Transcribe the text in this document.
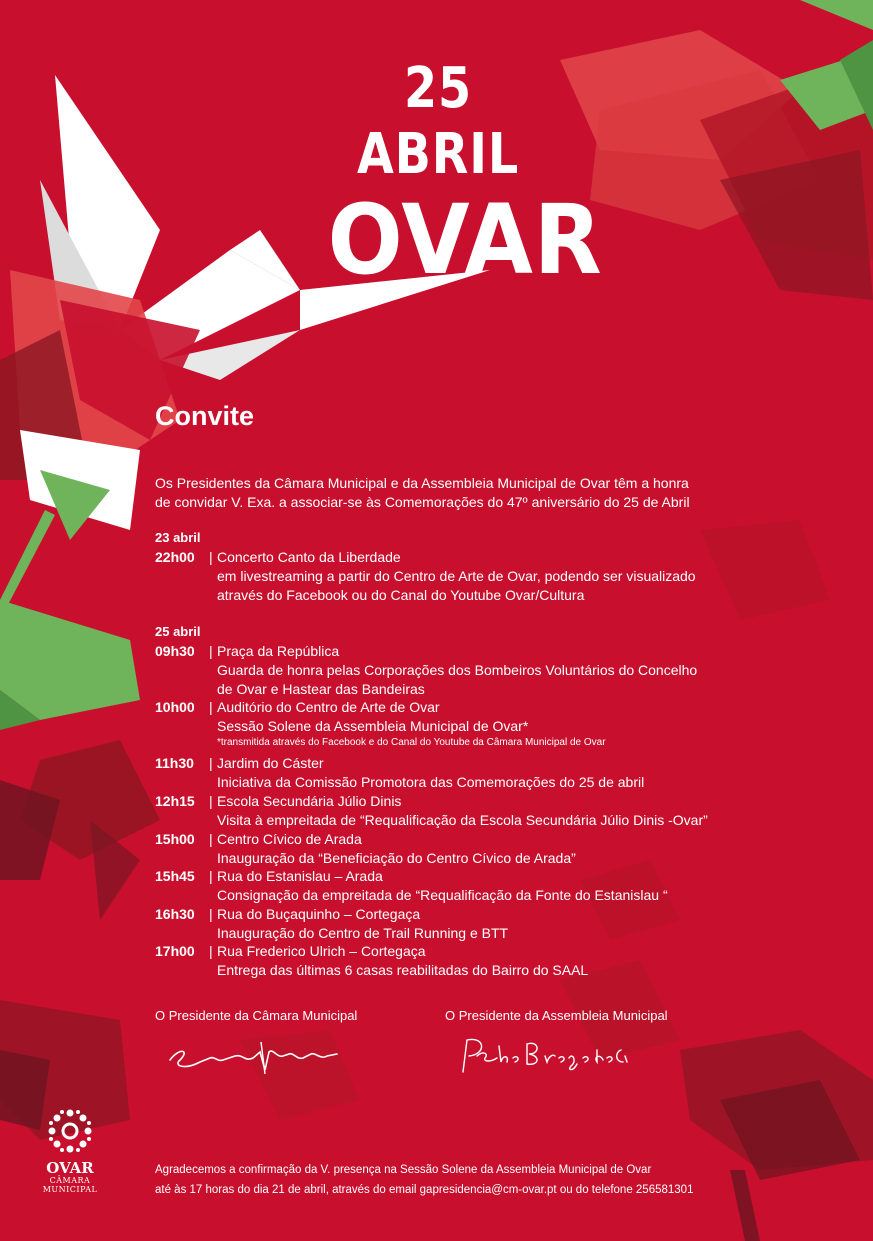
25 ABRIL
OVAR
Convite
Os Presidentes da Câmara Municipal e da Assembleia Municipal de Ovar têm a honra
de convidar V. Exa. a associar-se às Comemorações do 47º aniversário do 25 de Abril
23 abril
22h00	| Concerto Canto da Liberdade
em livestreaming a partir do Centro de Arte de Ovar, podendo ser visualizado
através do Facebook ou do Canal do Youtube Ovar/Cultura
25 abril
09h30	| Praça da República
Guarda de honra pelas Corporações dos Bombeiros Voluntários do Concelho
de Ovar e Hastear das Bandeiras
10h00	| Auditório do Centro de Arte de Ovar
Sessão Solene da Assembleia Municipal de Ovar*
*transmitida através do Facebook e do Canal do Youtube da Câmara Municipal de Ovar
11h30	| Jardim do Cáster
Iniciativa da Comissão Promotora das Comemorações do 25 de abril
12h15	| Escola Secundária Júlio Dinis
Visita à empreitada de “Requalificação da Escola Secundária Júlio Dinis -Ovar”
15h00	| Centro Cívico de Arada
Inauguração da “Beneficiação do Centro Cívico de Arada”
15h45	| Rua do Estanislau – Arada
Consignação da empreitada de “Requalificação da Fonte do Estanislau “
16h30	| Rua do Buçaquinho – Cortegaça
Inauguração do Centro de Trail Running e BTT
17h00	| Rua Frederico Ulrich – Cortegaça
Entrega das últimas 6 casas reabilitadas do Bairro do SAAL
O Presidente da Câmara Municipal	O Presidente da Assembleia Municipal
OVAR
CÂMARA
MUNICIPAL
Agradecemos a confirmação da V. presença na Sessão Solene da Assembleia Municipal de Ovar
até às 17 horas do dia 21 de abril, através do email gapresidencia@cm-ovar.pt ou do telefone 256581301
